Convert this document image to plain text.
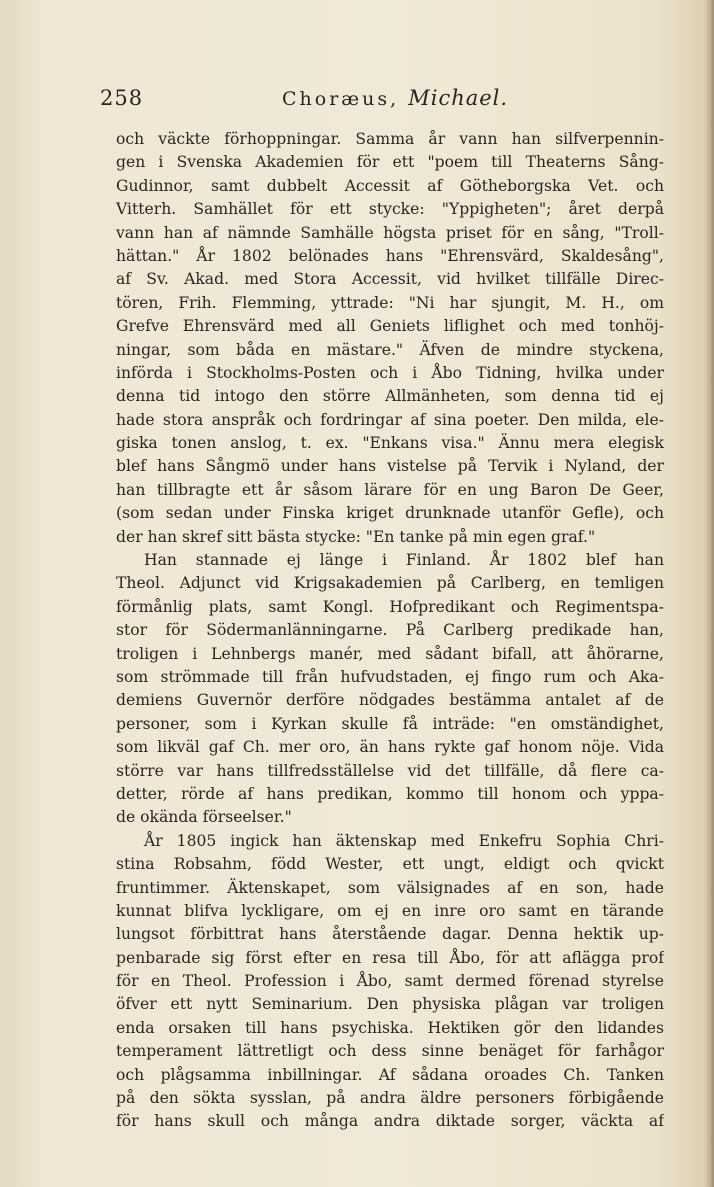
258	Choræus, Michael.
och väckte förhoppningar. Samma år vann han silfverpennin-
gen i Svenska Akademien för ett "poem till Theaterns Sång-
Gudinnor, samt dubbelt Accessit af Götheborgska Vet. och
Vitterh. Samhället för ett stycke: "Yppigheten"; året derpå
vann han af nämnde Samhälle högsta priset för en sång, "Troll-
hättan." År 1802 belönades hans "Ehrensvärd, Skaldesång",
af Sv. Akad. med Stora Accessit, vid hvilket tillfälle Direc-
tören, Frih. Flemming, yttrade: "Ni har sjungit, M. H., om
Grefve Ehrensvärd med all Geniets liflighet och med tonhöj-
ningar, som båda en mästare." Äfven de mindre styckena,
införda i Stockholms-Posten och i Åbo Tidning, hvilka under
denna tid intogo den större Allmänheten, som denna tid ej
hade stora anspråk och fordringar af sina poeter. Den milda, ele-
giska tonen anslog, t. ex. "Enkans visa." Ännu mera elegisk
blef hans Sångmö under hans vistelse på Tervik i Nyland, der
han tillbragte ett år såsom lärare för en ung Baron De Geer,
(som sedan under Finska kriget drunknade utanför Gefle), och
der han skref sitt bästa stycke: "En tanke på min egen graf."
Han stannade ej länge i Finland. År 1802 blef han
Theol. Adjunct vid Krigsakademien på Carlberg, en temligen
förmånlig plats, samt Kongl. Hofpredikant och Regimentspa-
stor för Södermanlänningarne. På Carlberg predikade han,
troligen i Lehnbergs manér, med sådant bifall, att åhörarne,
som strömmade till från hufvudstaden, ej fingo rum och Aka-
demiens Guvernör derföre nödgades bestämma antalet af de
personer, som i Kyrkan skulle få inträde: "en omständighet,
som likväl gaf Ch. mer oro, än hans rykte gaf honom nöje. Vida
större var hans tillfredsställelse vid det tillfälle, då flere ca-
detter, rörde af hans predikan, kommo till honom och yppa-
de okända förseelser."
År 1805 ingick han äktenskap med Enkefru Sophia Chri-
stina Robsahm, född Wester, ett ungt, eldigt och qvickt
fruntimmer. Äktenskapet, som välsignades af en son, hade
kunnat blifva lyckligare, om ej en inre oro samt en tärande
lungsot förbittrat hans återstående dagar. Denna hektik up-
penbarade sig först efter en resa till Åbo, för att aflägga prof
för en Theol. Profession i Åbo, samt dermed förenad styrelse
öfver ett nytt Seminarium. Den physiska plågan var troligen
enda orsaken till hans psychiska. Hektiken gör den lidandes
temperament lättretligt och dess sinne benäget för farhågor
och plågsamma inbillningar. Af sådana oroades Ch. Tanken
på den sökta sysslan, på andra äldre personers förbigående
för hans skull och många andra diktade sorger, väckta af
